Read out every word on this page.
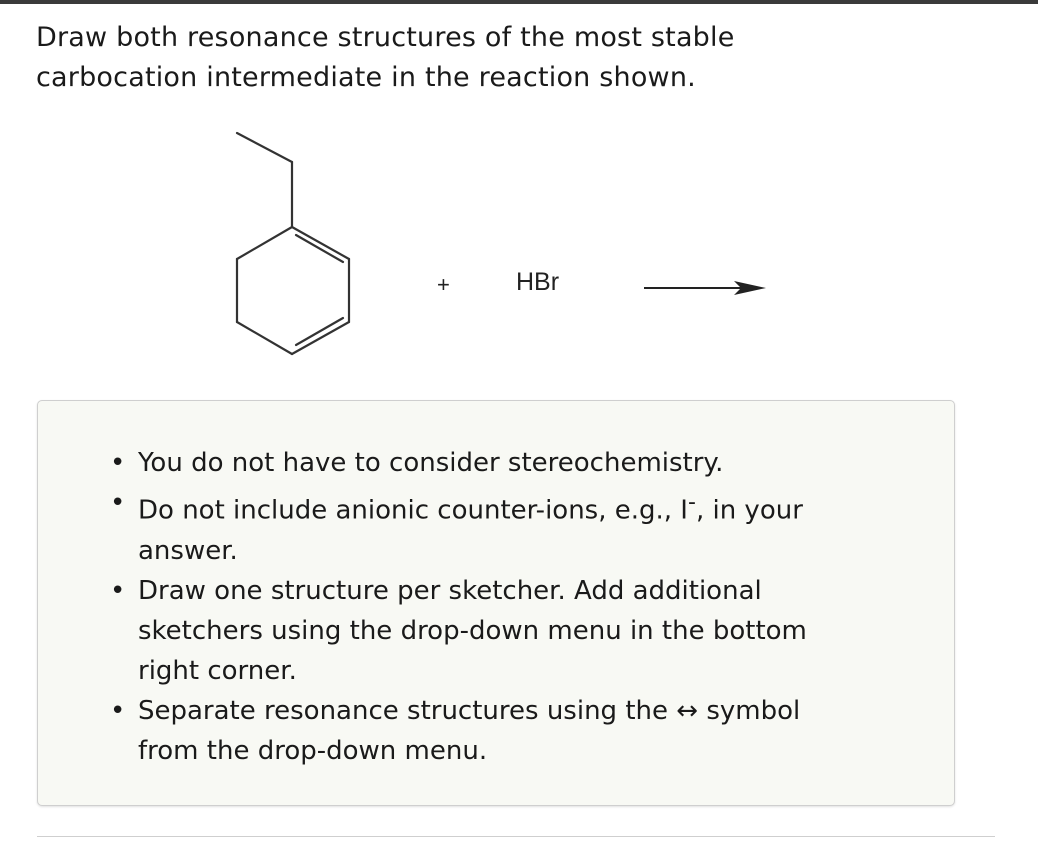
Draw both resonance structures of the most stable
carbocation intermediate in the reaction shown.
+	HBr
• You do not have to consider stereochemistry.
• Do not include anionic counter-ions, e.g., I-, in your
answer.
• Draw one structure per sketcher. Add additional
sketchers using the drop-down menu in the bottom
right corner.
• Separate resonance structures using the ↔ symbol
from the drop-down menu.
